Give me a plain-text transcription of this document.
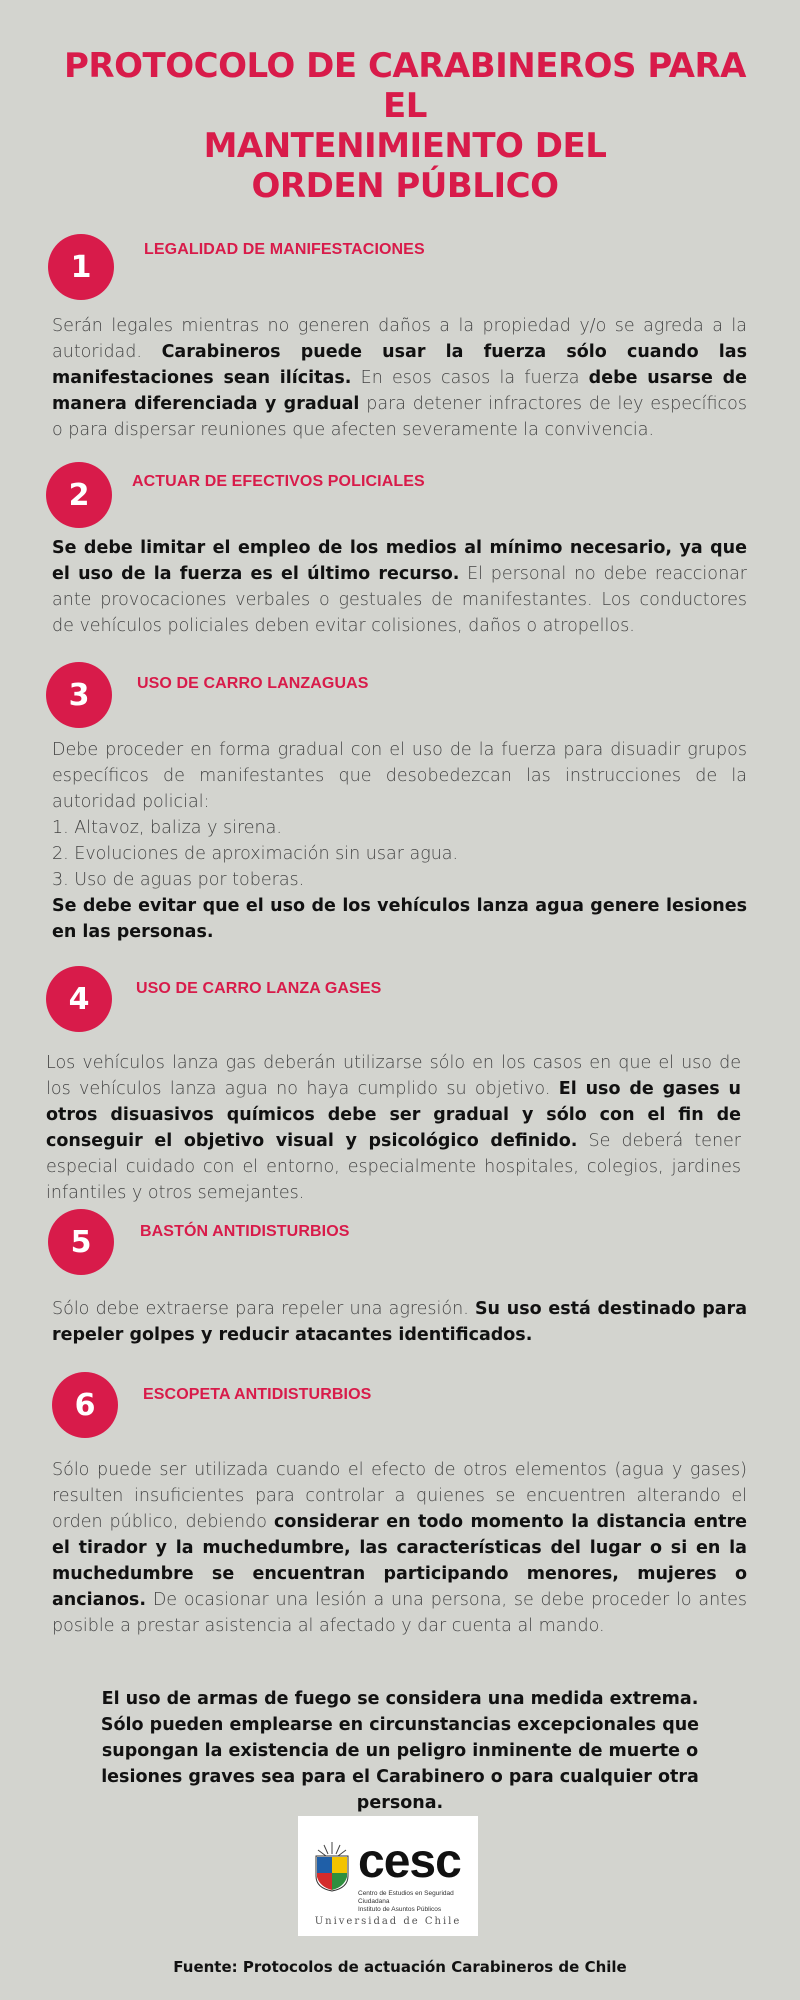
PROTOCOLO DE CARABINEROS PARA EL
MANTENIMIENTO DEL
ORDEN PÚBLICO
1	LEGALIDAD DE MANIFESTACIONES
Serán legales mientras no generen daños a la propiedad y/o se agreda a la autoridad. Carabineros puede usar la fuerza sólo cuando las manifestaciones sean ilícitas. En esos casos la fuerza debe usarse de manera diferenciada y gradual para detener infractores de ley específicos o para dispersar reuniones que afecten severamente la convivencia.
2	ACTUAR DE EFECTIVOS POLICIALES
Se debe limitar el empleo de los medios al mínimo necesario, ya que el uso de la fuerza es el último recurso. El personal no debe reaccionar ante provocaciones verbales o gestuales de manifestantes. Los conductores de vehículos policiales deben evitar colisiones, daños o atropellos.
3	USO DE CARRO LANZAGUAS
Debe proceder en forma gradual con el uso de la fuerza para disuadir grupos específicos de manifestantes que desobedezcan las instrucciones de la autoridad policial:
1. Altavoz, baliza y sirena.
2. Evoluciones de aproximación sin usar agua.
3. Uso de aguas por toberas.
Se debe evitar que el uso de los vehículos lanza agua genere lesiones en las personas.
4	USO DE CARRO LANZA GASES
Los vehículos lanza gas deberán utilizarse sólo en los casos en que el uso de los vehículos lanza agua no haya cumplido su objetivo. El uso de gases u otros disuasivos químicos debe ser gradual y sólo con el fin de conseguir el objetivo visual y psicológico definido. Se deberá tener especial cuidado con el entorno, especialmente hospitales, colegios, jardines infantiles y otros semejantes.
5	BASTÓN ANTIDISTURBIOS
Sólo debe extraerse para repeler una agresión. Su uso está destinado para repeler golpes y reducir atacantes identificados.
6	ESCOPETA ANTIDISTURBIOS
Sólo puede ser utilizada cuando el efecto de otros elementos (agua y gases) resulten insuficientes para controlar a quienes se encuentren alterando el orden público, debiendo considerar en todo momento la distancia entre el tirador y la muchedumbre, las características del lugar o si en la muchedumbre se encuentran participando menores, mujeres o ancianos. De ocasionar una lesión a una persona, se debe proceder lo antes posible a prestar asistencia al afectado y dar cuenta al mando.
El uso de armas de fuego se considera una medida extrema. Sólo pueden emplearse en circunstancias excepcionales que supongan la existencia de un peligro inminente de muerte o lesiones graves sea para el Carabinero o para cualquier otra persona.
cesc
Centro de Estudios en Seguridad Ciudadana
Instituto de Asuntos Públicos
Universidad de Chile
Fuente: Protocolos de actuación Carabineros de Chile
